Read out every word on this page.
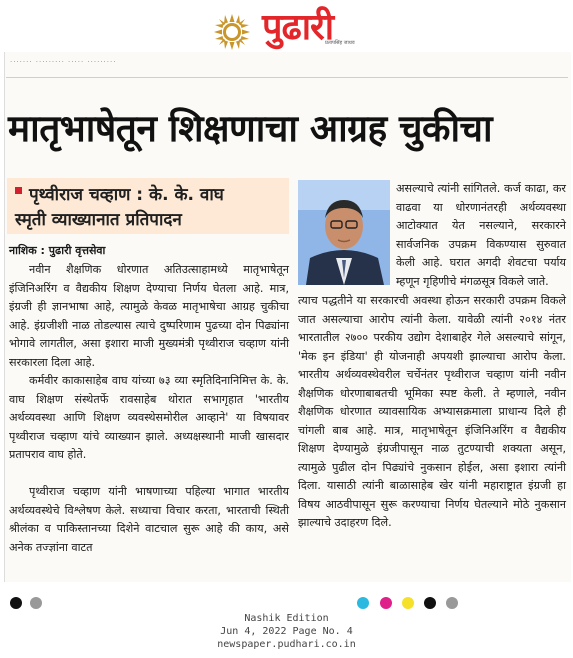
पुढारी
प्रतापसिंह जाधव
······· ········· ····· ·········
मातृभाषेतून शिक्षणाचा आग्रह चुकीचा
पृथ्वीराज चव्हाण : के. के. वाघ
स्मृती व्याख्यानात प्रतिपादन
नाशिक : पुढारी वृत्तसेवा
नवीन शैक्षणिक धोरणात अतिउत्साहामध्ये मातृभाषेतून इंजिनिअरिंग व वैद्यकीय शिक्षण देण्याचा निर्णय घेतला आहे. मात्र, इंग्रजी ही ज्ञानभाषा आहे, त्यामुळे केवळ मातृभाषेचा आग्रह चुकीचा आहे. इंग्रजीशी नाळ तोडल्यास त्याचे दुष्परिणाम पुढच्या दोन पिढ्यांना भोगावे लागतील, असा इशारा माजी मुख्यमंत्री पृथ्वीराज चव्हाण यांनी सरकारला दिला आहे.
कर्मवीर काकासाहेब वाघ यांच्या ७३ व्या स्मृतिदिनानिमित्त के. के. वाघ शिक्षण संस्थेतर्फे रावसाहेब थोरात सभागृहात 'भारतीय अर्थव्यवस्था आणि शिक्षण व्यवस्थेसमोरील आव्हाने' या विषयावर पृथ्वीराज चव्हाण यांचे व्याख्यान झाले. अध्यक्षस्थानी माजी खासदार प्रतापराव वाघ होते.
पृथ्वीराज चव्हाण यांनी भाषणाच्या पहिल्या भागात भारतीय अर्थव्यवस्थेचे विश्लेषण केले. सध्याचा विचार करता, भारताची स्थिती श्रीलंका व पाकिस्तानच्या दिशेने वाटचाल सुरू आहे की काय, असे अनेक तज्ज्ञांना वाटत
असल्याचे त्यांनी सांगितले. कर्ज काढा, कर वाढवा या धोरणानंतरही अर्थव्यवस्था आटोक्यात येत नसल्याने, सरकारने सार्वजनिक उपक्रम विकण्यास सुरुवात केली आहे. घरात अगदी शेवटचा पर्याय म्हणून गृहिणीचे मंगळसूत्र विकले जाते.
त्याच पद्धतीने या सरकारची अवस्था होऊन सरकारी उपक्रम विकले जात असल्याचा आरोप त्यांनी केला. यावेळी त्यांनी २०१४ नंतर भारतातील २७०० परकीय उद्योग देशाबाहेर गेले असल्याचे सांगून, 'मेक इन इंडिया' ही योजनाही अपयशी झाल्याचा आरोप केला. भारतीय अर्थव्यवस्थेवरील चर्चेनंतर पृथ्वीराज चव्हाण यांनी नवीन शैक्षणिक धोरणाबाबतची भूमिका स्पष्ट केली. ते म्हणाले, नवीन शैक्षणिक धोरणात व्यावसायिक अभ्यासक्रमाला प्राधान्य दिले ही चांगली बाब आहे. मात्र, मातृभाषेतून इंजिनिअरिंग व वैद्यकीय शिक्षण देण्यामुळे इंग्रजीपासून नाळ तुटण्याची शक्यता असून, त्यामुळे पुढील दोन पिढ्यांचे नुकसान होईल, असा इशारा त्यांनी दिला. यासाठी त्यांनी बाळासाहेब खेर यांनी महाराष्ट्रात इंग्रजी हा विषय आठवीपासून सुरू करण्याचा निर्णय घेतल्याने मोठे नुकसान झाल्याचे उदाहरण दिले.
Nashik Edition
Jun 4, 2022 Page No. 4
newspaper.pudhari.co.in
